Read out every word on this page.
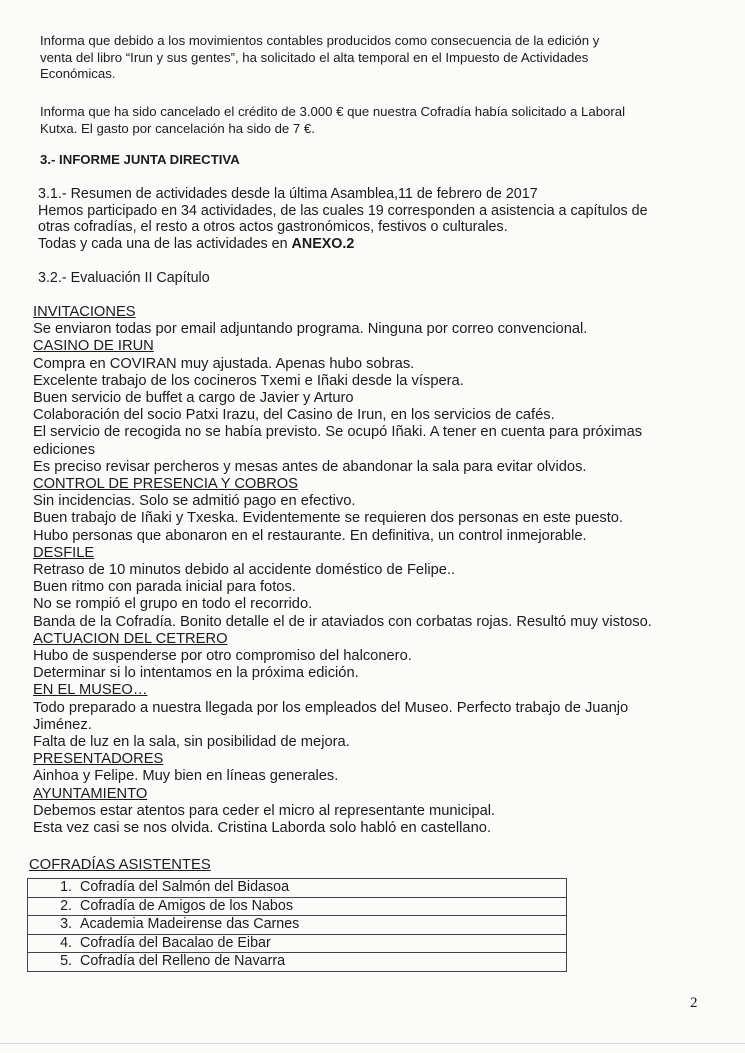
Informa que debido a los movimientos contables producidos como consecuencia de la edición y

venta del libro “Irun y sus gentes”, ha solicitado el alta temporal en el Impuesto de Actividades

Económicas.

Informa que ha sido cancelado el crédito de 3.000 € que nuestra Cofradía había solicitado a Laboral

Kutxa. El gasto por cancelación ha sido de 7 €.

3.- INFORME JUNTA DIRECTIVA

3.1.- Resumen de actividades desde la última Asamblea,11 de febrero de 2017

Hemos participado en 34 actividades, de las cuales 19 corresponden a asistencia a capítulos de

otras cofradías, el resto a otros actos gastronómicos, festivos o culturales.

Todas y cada una de las actividades en ANEXO.2

3.2.- Evaluación II Capítulo

INVITACIONES

Se enviaron todas por email adjuntando programa. Ninguna por correo convencional.

CASINO DE IRUN

Compra en COVIRAN muy ajustada. Apenas hubo sobras.

Excelente trabajo de los cocineros Txemi e Iñaki desde la víspera.

Buen servicio de buffet a cargo de Javier y Arturo

Colaboración del socio Patxi Irazu, del Casino de Irun, en los servicios de cafés.

El servicio de recogida no se había previsto. Se ocupó Iñaki. A tener en cuenta para próximas

ediciones

Es preciso revisar percheros y mesas antes de abandonar la sala para evitar olvidos.

CONTROL DE PRESENCIA Y COBROS

Sin incidencias. Solo se admitió pago en efectivo.

Buen trabajo de Iñaki y Txeska. Evidentemente se requieren dos personas en este puesto.

Hubo personas que abonaron en el restaurante. En definitiva, un control inmejorable.

DESFILE

Retraso de 10 minutos debido al accidente doméstico de Felipe..

Buen ritmo con parada inicial para fotos.

No se rompió el grupo en todo el recorrido.

Banda de la Cofradía. Bonito detalle el de ir ataviados con corbatas rojas. Resultó muy vistoso.

ACTUACION DEL CETRERO

Hubo de suspenderse por otro compromiso del halconero.

Determinar si lo intentamos en la próxima edición.

EN EL MUSEO…

Todo preparado a nuestra llegada por los empleados del Museo. Perfecto trabajo de Juanjo

Jiménez.

Falta de luz en la sala, sin posibilidad de mejora.

PRESENTADORES

Ainhoa y Felipe. Muy bien en líneas generales.

AYUNTAMIENTO

Debemos estar atentos para ceder el micro al representante municipal.

Esta vez casi se nos olvida. Cristina Laborda solo habló en castellano.

COFRADÍAS ASISTENTES

1. Cofradía del Salmón del Bidasoa
2. Cofradía de Amigos de los Nabos
3. Academia Madeirense das Carnes
4. Cofradía del Bacalao de Eibar
5. Cofradía del Relleno de Navarra
2
